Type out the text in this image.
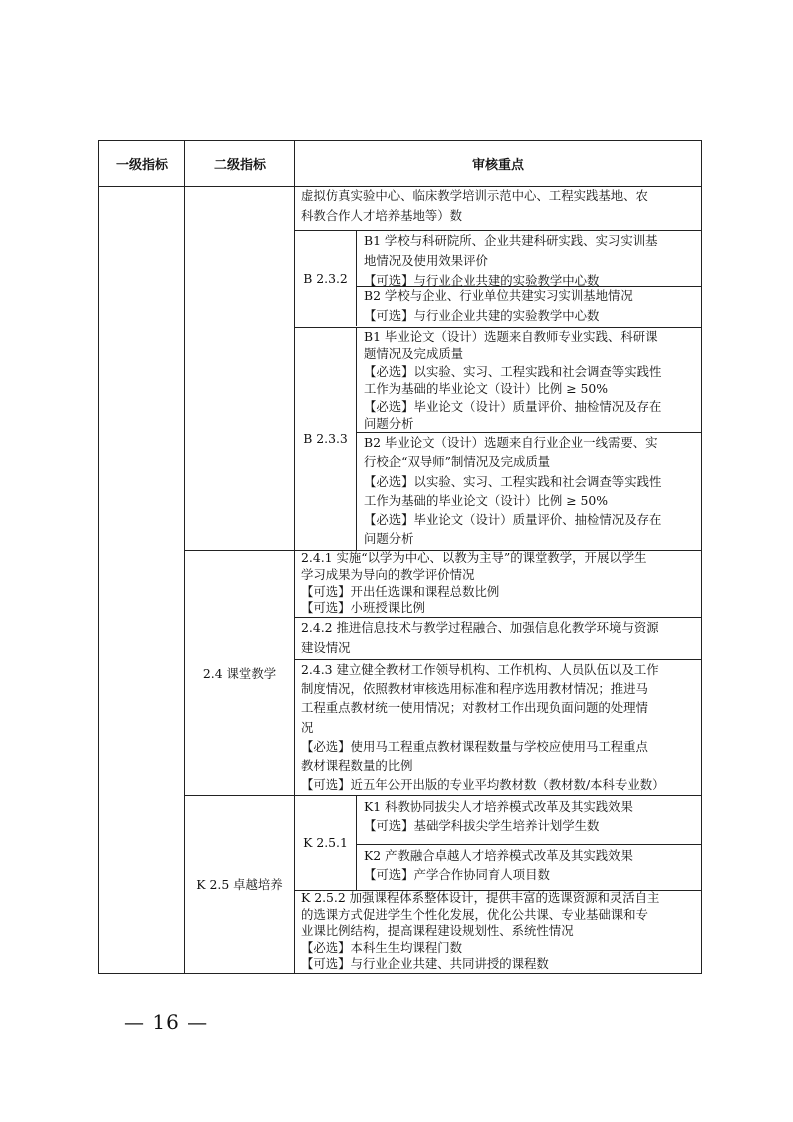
一级指标	二级指标	审核重点
虚拟仿真实验中心、临床教学培训示范中心、工程实践基地、农
科教合作人才培养基地等）数
B 2.3.2
B1 学校与科研院所、企业共建科研实践、实习实训基
地情况及使用效果评价
【可选】与行业企业共建的实验教学中心数
B2 学校与企业、行业单位共建实习实训基地情况
【可选】与行业企业共建的实验教学中心数
B 2.3.3
B1 毕业论文（设计）选题来自教师专业实践、科研课
题情况及完成质量
【必选】以实验、实习、工程实践和社会调查等实践性
工作为基础的毕业论文（设计）比例 ≥ 50%
【必选】毕业论文（设计）质量评价、抽检情况及存在
问题分析
B2 毕业论文（设计）选题来自行业企业一线需要、实
行校企“双导师”制情况及完成质量
【必选】以实验、实习、工程实践和社会调查等实践性
工作为基础的毕业论文（设计）比例 ≥ 50%
【必选】毕业论文（设计）质量评价、抽检情况及存在
问题分析
2.4 课堂教学
2.4.1 实施“以学为中心、以教为主导”的课堂教学，开展以学生
学习成果为导向的教学评价情况
【可选】开出任选课和课程总数比例
【可选】小班授课比例
2.4.2 推进信息技术与教学过程融合、加强信息化教学环境与资源
建设情况
2.4.3 建立健全教材工作领导机构、工作机构、人员队伍以及工作
制度情况，依照教材审核选用标准和程序选用教材情况；推进马
工程重点教材统一使用情况；对教材工作出现负面问题的处理情
况
【必选】使用马工程重点教材课程数量与学校应使用马工程重点
教材课程数量的比例
【可选】近五年公开出版的专业平均教材数（教材数/本科专业数）
K 2.5 卓越培养
K 2.5.1
K1 科教协同拔尖人才培养模式改革及其实践效果
【可选】基础学科拔尖学生培养计划学生数
K2 产教融合卓越人才培养模式改革及其实践效果
【可选】产学合作协同育人项目数
K 2.5.2 加强课程体系整体设计，提供丰富的选课资源和灵活自主
的选课方式促进学生个性化发展，优化公共课、专业基础课和专
业课比例结构，提高课程建设规划性、系统性情况
【必选】本科生生均课程门数
【可选】与行业企业共建、共同讲授的课程数
— 16 —
